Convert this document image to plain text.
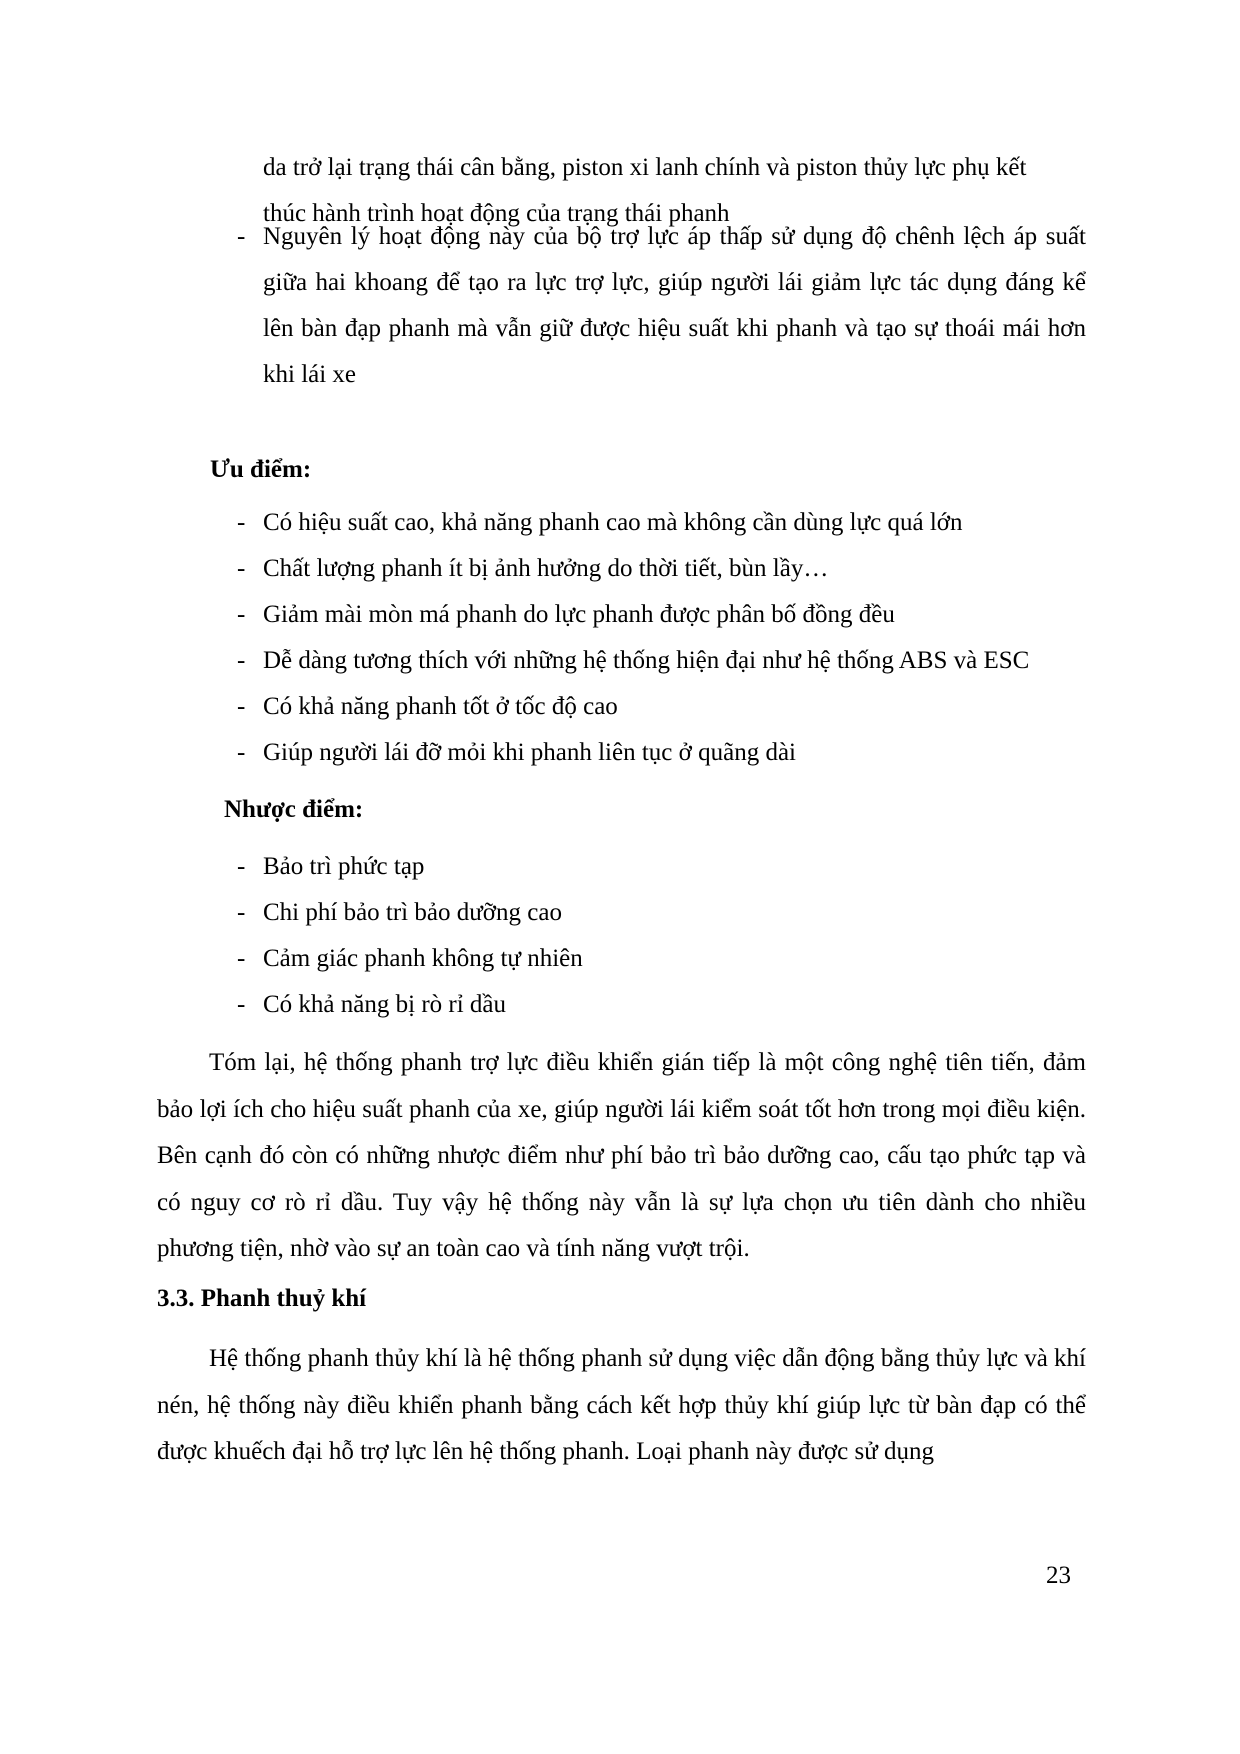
da trở lại trạng thái cân bằng, piston xi lanh chính và piston thủy lực phụ kết
thúc hành trình hoạt động của trạng thái phanh
- Nguyên lý hoạt động này của bộ trợ lực áp thấp sử dụng độ chênh lệch áp suất giữa hai khoang để tạo ra lực trợ lực, giúp người lái giảm lực tác dụng đáng kể lên bàn đạp phanh mà vẫn giữ được hiệu suất khi phanh và tạo sự thoái mái hơn khi lái xe
Ưu điểm:
- Có hiệu suất cao, khả năng phanh cao mà không cần dùng lực quá lớn
- Chất lượng phanh ít bị ảnh hưởng do thời tiết, bùn lầy…
- Giảm mài mòn má phanh do lực phanh được phân bố đồng đều
- Dễ dàng tương thích với những hệ thống hiện đại như hệ thống ABS và ESC
- Có khả năng phanh tốt ở tốc độ cao
- Giúp người lái đỡ mỏi khi phanh liên tục ở quãng dài
Nhược điểm:
- Bảo trì phức tạp
- Chi phí bảo trì bảo dưỡng cao
- Cảm giác phanh không tự nhiên
- Có khả năng bị rò rỉ dầu
Tóm lại, hệ thống phanh trợ lực điều khiển gián tiếp là một công nghệ tiên tiến, đảm bảo lợi ích cho hiệu suất phanh của xe, giúp người lái kiểm soát tốt hơn trong mọi điều kiện. Bên cạnh đó còn có những nhược điểm như phí bảo trì bảo dưỡng cao, cấu tạo phức tạp và có nguy cơ rò rỉ dầu. Tuy vậy hệ thống này vẫn là sự lựa chọn ưu tiên dành cho nhiều phương tiện, nhờ vào sự an toàn cao và tính năng vượt trội.
3.3. Phanh thuỷ khí
Hệ thống phanh thủy khí là hệ thống phanh sử dụng việc dẫn động bằng thủy lực và khí nén, hệ thống này điều khiển phanh bằng cách kết hợp thủy khí giúp lực từ bàn đạp có thể được khuếch đại hỗ trợ lực lên hệ thống phanh. Loại phanh này được sử dụng
23
